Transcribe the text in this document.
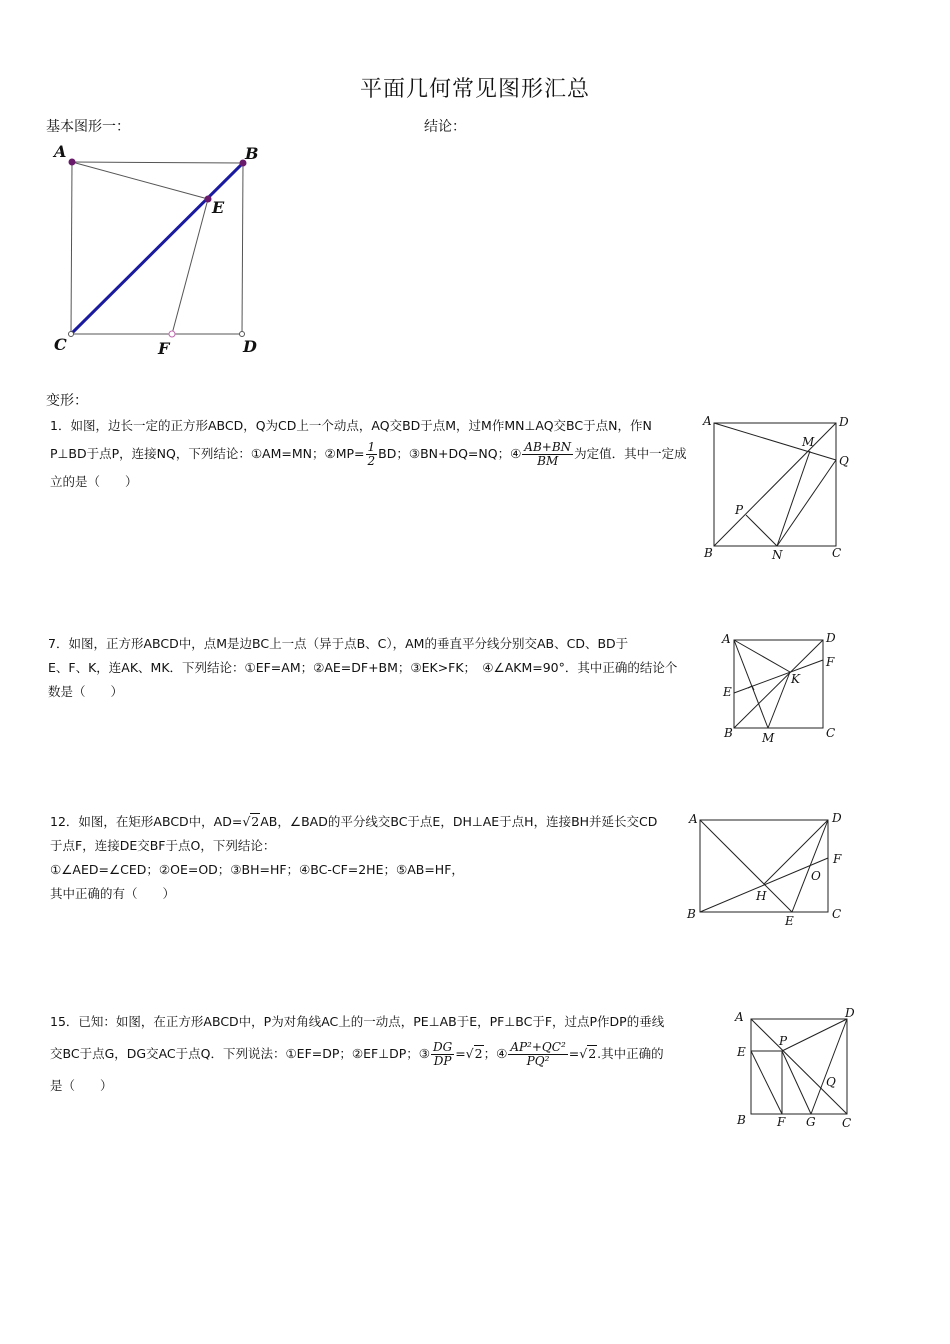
平面几何常见图形汇总
基本图形一：	结论：
A	B
E
C	F	D
变形：
1．如图，边长一定的正方形ABCD，Q为CD上一个动点，AQ交BD于点M，过M作MN⊥AQ交BC于点N，作N
P⊥BD于点P，连接NQ，下列结论：①AM=MN；②MP= $\frac{1}{2}$ BD；③BN+DQ=NQ；④ $\frac{AB+BN}{BM}$ 为定值．其中一定成
立的是（　　）
A	D
M
Q
P
B	N	C
7．如图，正方形ABCD中，点M是边BC上一点（异于点B、C），AM的垂直平分线分别交AB、CD、BD于
E、F、K，连AK、MK．下列结论：①EF=AM；②AE=DF+BM；③EK>FK；　④∠AKM=90°．其中正确的结论个
数是（　　）
A	D
F
K
E
B M	C
12．如图，在矩形ABCD中，AD=√2AB，∠BAD的平分线交BC于点E，DH⊥AE于点H，连接BH并延长交CD
于点F，连接DE交BF于点O，下列结论：
①∠AED=∠CED；②OE=OD；③BH=HF；④BC-CF=2HE；⑤AB=HF，
其中正确的有（　　）
A	D
F
O
H
B	E	C
15．已知：如图，在正方形ABCD中，P为对角线AC上的一动点，PE⊥AB于E，PF⊥BC于F，过点P作DP的垂线
交BC于点G，DG交AC于点Q．下列说法：①EF=DP；②EF⊥DP；③ $\frac{DG}{DP} =√2$；④ $\frac{\text{AP²+QC²}}{\text{PQ²}} =√2$.其中正确的
是（　　）
A	D
P
E
Q
B	F G C
